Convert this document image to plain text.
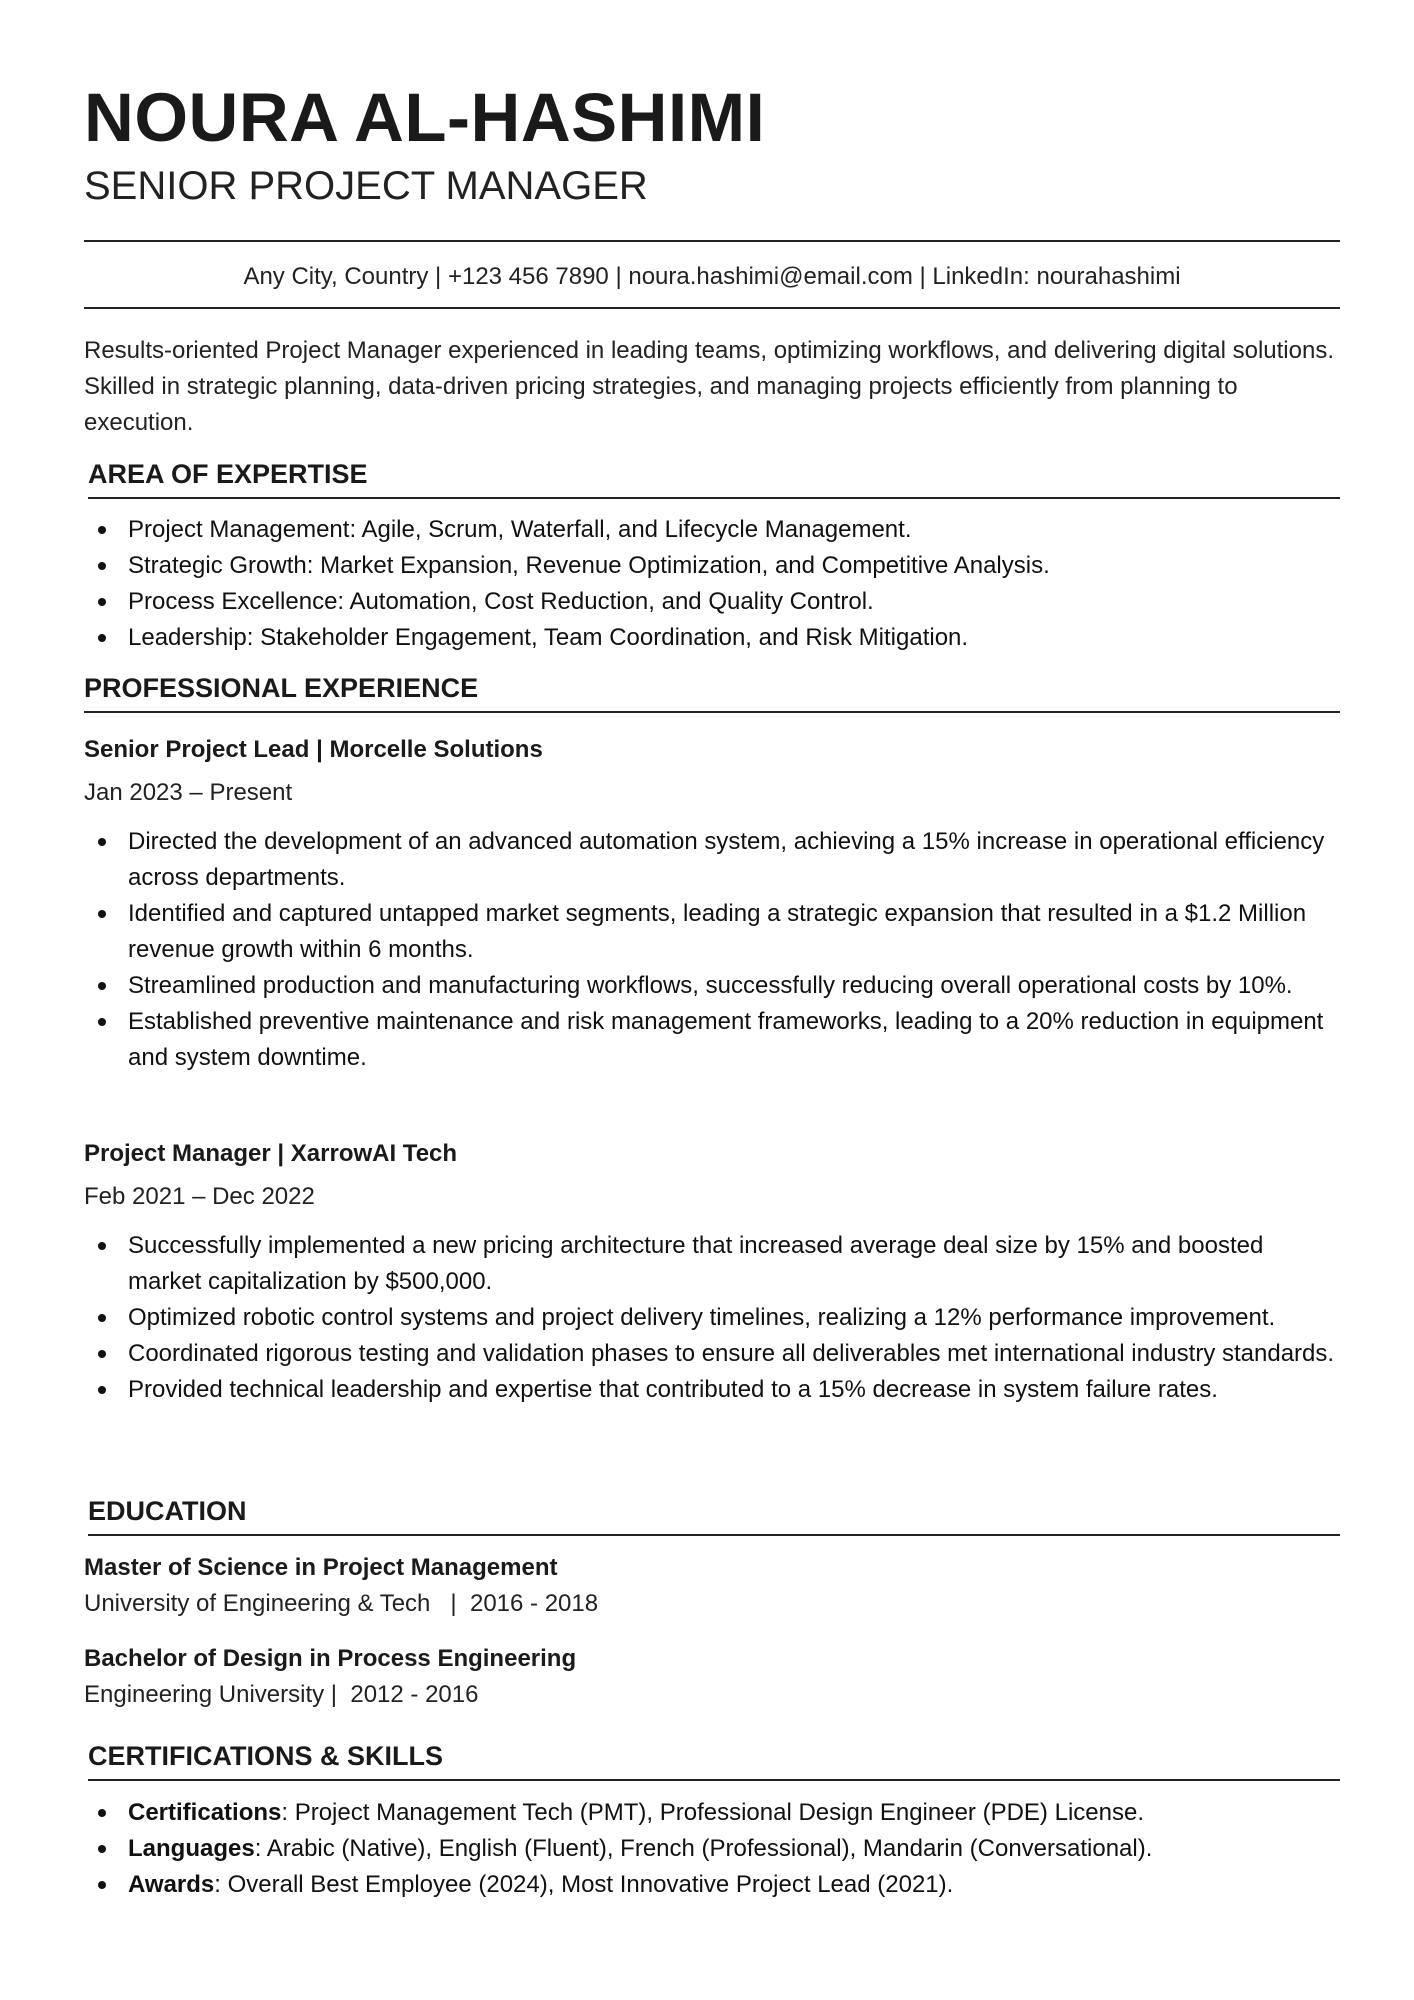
NOURA AL-HASHIMI
SENIOR PROJECT MANAGER
Any City, Country | +123 456 7890 | noura.hashimi@email.com | LinkedIn: nourahashimi

Results-oriented Project Manager experienced in leading teams, optimizing workflows, and delivering digital solutions. Skilled in strategic planning, data-driven pricing strategies, and managing projects efficiently from planning to execution.

AREA OF EXPERTISE
Project Management: Agile, Scrum, Waterfall, and Lifecycle Management.
Strategic Growth: Market Expansion, Revenue Optimization, and Competitive Analysis.
Process Excellence: Automation, Cost Reduction, and Quality Control.
Leadership: Stakeholder Engagement, Team Coordination, and Risk Mitigation.
PROFESSIONAL EXPERIENCE
Senior Project Lead | Morcelle Solutions
Jan 2023 – Present
Directed the development of an advanced automation system, achieving a 15% increase in operational efficiency across departments.
Identified and captured untapped market segments, leading a strategic expansion that resulted in a $1.2 Million revenue growth within 6 months.
Streamlined production and manufacturing workflows, successfully reducing overall operational costs by 10%.
Established preventive maintenance and risk management frameworks, leading to a 20% reduction in equipment and system downtime.
Project Manager | XarrowAI Tech
Feb 2021 – Dec 2022
Successfully implemented a new pricing architecture that increased average deal size by 15% and boosted market capitalization by $500,000.
Optimized robotic control systems and project delivery timelines, realizing a 12% performance improvement.
Coordinated rigorous testing and validation phases to ensure all deliverables met international industry standards.
Provided technical leadership and expertise that contributed to a 15% decrease in system failure rates.
EDUCATION
Master of Science in Project Management
University of Engineering & Tech   |  2016 - 2018
Bachelor of Design in Process Engineering
Engineering University |  2012 - 2016
CERTIFICATIONS & SKILLS
Certifications: Project Management Tech (PMT), Professional Design Engineer (PDE) License.
Languages: Arabic (Native), English (Fluent), French (Professional), Mandarin (Conversational).
Awards: Overall Best Employee (2024), Most Innovative Project Lead (2021).
